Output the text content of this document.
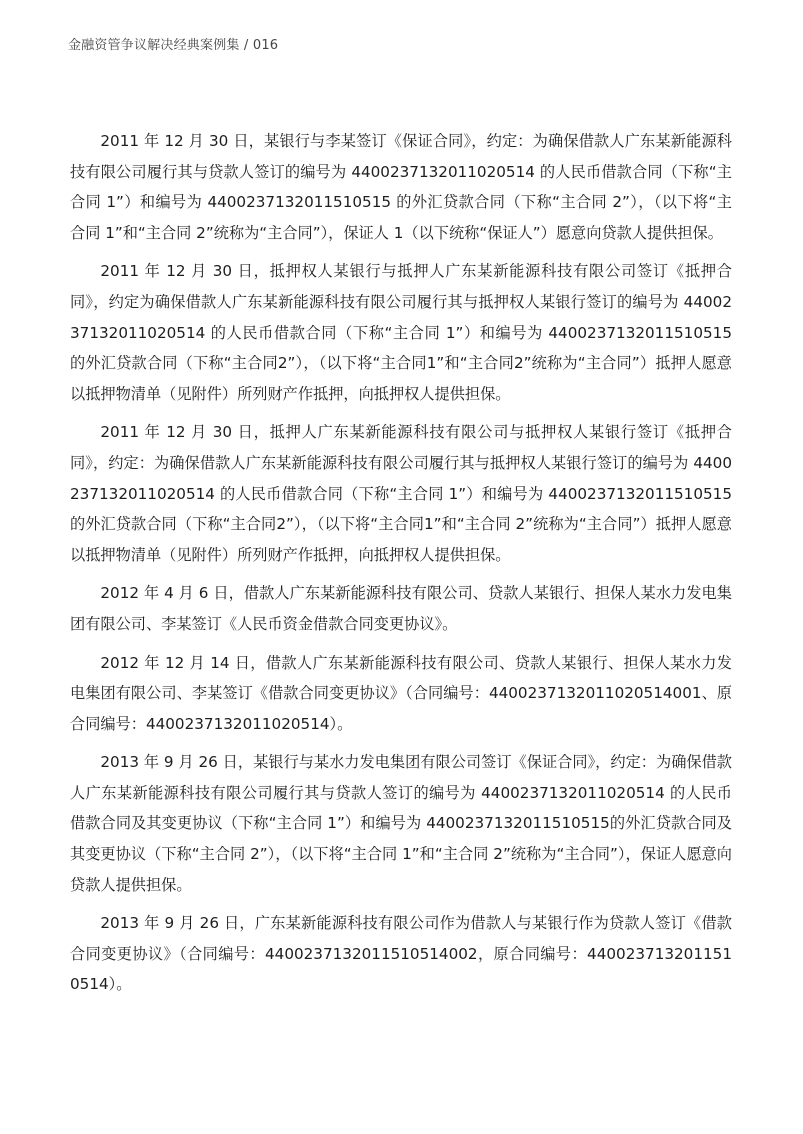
金融资管争议解决经典案例集 / 016

2011 年 12 月 30 日，某银行与李某签订《保证合同》，约定：为确保借款人广东某新能源科技有限公司履行其与贷款人签订的编号为 4400237132011020514 的人民币借款合同（下称“主合同 1”）和编号为 4400237132011510515 的外汇贷款合同（下称“主合同 2”），（以下将“主合同 1”和“主合同 2”统称为“主合同”），保证人 1（以下统称“保证人”）愿意向贷款人提供担保。

2011 年 12 月 30 日，抵押权人某银行与抵押人广东某新能源科技有限公司签订《抵押合同》，约定为确保借款人广东某新能源科技有限公司履行其与抵押权人某银行签订的编号为 4400237132011020514 的人民币借款合同（下称“主合同 1”）和编号为 4400237132011510515的外汇贷款合同（下称“主合同2”），（以下将“主合同1”和“主合同2”统称为“主合同”）抵押人愿意以抵押物清单（见附件）所列财产作抵押，向抵押权人提供担保。

2011 年 12 月 30 日，抵押人广东某新能源科技有限公司与抵押权人某银行签订《抵押合同》，约定：为确保借款人广东某新能源科技有限公司履行其与抵押权人某银行签订的编号为 4400237132011020514 的人民币借款合同（下称“主合同 1”）和编号为 4400237132011510515的外汇贷款合同（下称“主合同2”），（以下将“主合同1”和“主合同 2”统称为“主合同”）抵押人愿意以抵押物清单（见附件）所列财产作抵押，向抵押权人提供担保。

2012 年 4 月 6 日，借款人广东某新能源科技有限公司、贷款人某银行、担保人某水力发电集团有限公司、李某签订《人民币资金借款合同变更协议》。

2012 年 12 月 14 日，借款人广东某新能源科技有限公司、贷款人某银行、担保人某水力发电集团有限公司、李某签订《借款合同变更协议》（合同编号：4400237132011020514001、原合同编号：4400237132011020514）。

2013 年 9 月 26 日，某银行与某水力发电集团有限公司签订《保证合同》，约定：为确保借款人广东某新能源科技有限公司履行其与贷款人签订的编号为 4400237132011020514 的人民币借款合同及其变更协议（下称“主合同 1”）和编号为 4400237132011510515的外汇贷款合同及其变更协议（下称“主合同 2”），（以下将“主合同 1”和“主合同 2”统称为“主合同”），保证人愿意向贷款人提供担保。

2013 年 9 月 26 日，广东某新能源科技有限公司作为借款人与某银行作为贷款人签订《借款合同变更协议》（合同编号：4400237132011510514002，原合同编号：4400237132011510514）。
